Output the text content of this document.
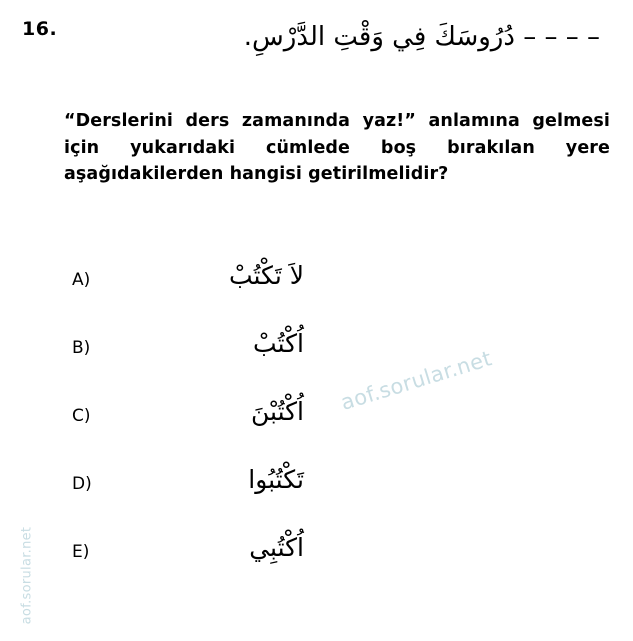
16.	– – – – دُرُوسَكَ فِي وَقْتِ الدَّرْسِ.
“Derslerini ders zamanında yaz!” anlamına gelmesi için yukarıdaki cümlede boş bırakılan yere aşağıdakilerden hangisi getirilmelidir?
A)	لاَ تَكْتُبْ
B)	اُكْتُبْ
C)	اُكْتُبْنَ
D)	تَكْتُبُوا
E)	اُكْتُبِي
aof.sorular.net
aof.sorular.net
